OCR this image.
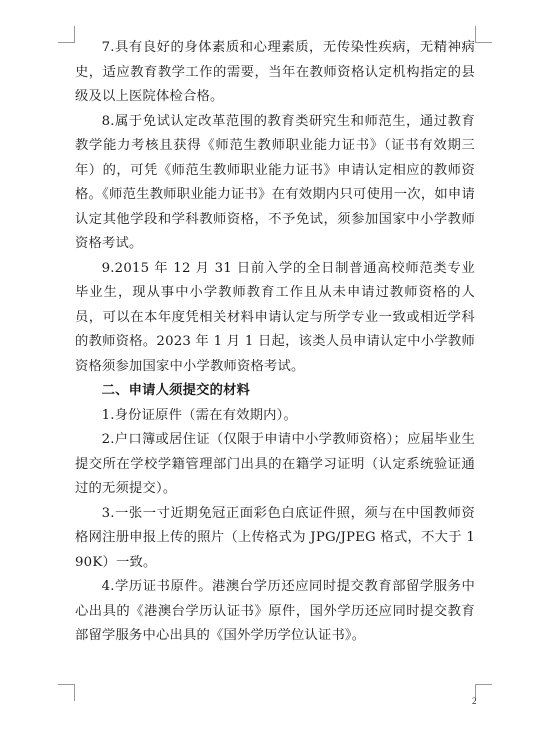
7.具有良好的身体素质和心理素质，无传染性疾病，无精神病史，适应教育教学工作的需要，当年在教师资格认定机构指定的县级及以上医院体检合格。

8.属于免试认定改革范围的教育类研究生和师范生，通过教育教学能力考核且获得《师范生教师职业能力证书》（证书有效期三年）的，可凭《师范生教师职业能力证书》申请认定相应的教师资格。《师范生教师职业能力证书》在有效期内只可使用一次，如申请认定其他学段和学科教师资格，不予免试，须参加国家中小学教师资格考试。

9.2015 年 12 月 31 日前入学的全日制普通高校师范类专业毕业生，现从事中小学教师教育工作且从未申请过教师资格的人员，可以在本年度凭相关材料申请认定与所学专业一致或相近学科的教师资格。2023 年 1 月 1 日起，该类人员申请认定中小学教师资格须参加国家中小学教师资格考试。

二、申请人须提交的材料

1.身份证原件（需在有效期内）。

2.户口簿或居住证（仅限于申请中小学教师资格）；应届毕业生提交所在学校学籍管理部门出具的在籍学习证明（认定系统验证通过的无须提交）。

3.一张一寸近期免冠正面彩色白底证件照，须与在中国教师资格网注册申报上传的照片（上传格式为 JPG/JPEG 格式，不大于 190K）一致。

4.学历证书原件。港澳台学历还应同时提交教育部留学服务中心出具的《港澳台学历认证书》原件，国外学历还应同时提交教育部留学服务中心出具的《国外学历学位认证书》。

2
